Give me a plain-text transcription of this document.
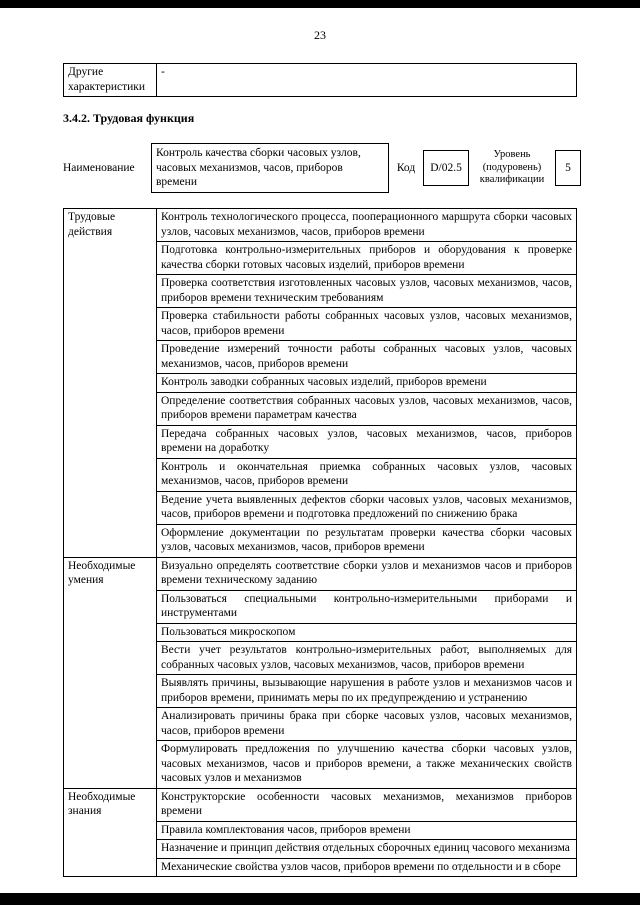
23
Другие характеристики	-
3.4.2. Трудовая функция
Наименование
Контроль качества сборки часовых узлов, часовых механизмов, часов, приборов времени
Код	D/02.5
Уровень (подуровень) квалификации
5
Трудовые действия	Контроль технологического процесса, пооперационного маршрута сборки часовых узлов, часовых механизмов, часов, приборов времени
	Подготовка контрольно-измерительных приборов и оборудования к проверке качества сборки готовых часовых изделий, приборов времени
	Проверка соответствия изготовленных часовых узлов, часовых механизмов, часов, приборов времени техническим требованиям
	Проверка стабильности работы собранных часовых узлов, часовых механизмов, часов, приборов времени
	Проведение измерений точности работы собранных часовых узлов, часовых механизмов, часов, приборов времени
	Контроль заводки собранных часовых изделий, приборов времени
	Определение соответствия собранных часовых узлов, часовых механизмов, часов, приборов времени параметрам качества
	Передача собранных часовых узлов, часовых механизмов, часов, приборов времени на доработку
	Контроль и окончательная приемка собранных часовых узлов, часовых механизмов, часов, приборов времени
	Ведение учета выявленных дефектов сборки часовых узлов, часовых механизмов, часов, приборов времени и подготовка предложений по снижению брака
	Оформление документации по результатам проверки качества сборки часовых узлов, часовых механизмов, часов, приборов времени
Необходимые умения	Визуально определять соответствие сборки узлов и механизмов часов и приборов времени техническому заданию
	Пользоваться специальными контрольно-измерительными приборами и инструментами
	Пользоваться микроскопом
	Вести учет результатов контрольно-измерительных работ, выполняемых для собранных часовых узлов, часовых механизмов, часов, приборов времени
	Выявлять причины, вызывающие нарушения в работе узлов и механизмов часов и приборов времени, принимать меры по их предупреждению и устранению
	Анализировать причины брака при сборке часовых узлов, часовых механизмов, часов, приборов времени
	Формулировать предложения по улучшению качества сборки часовых узлов, часовых механизмов, часов и приборов времени, а также механических свойств часовых узлов и механизмов
Необходимые знания	Конструкторские особенности часовых механизмов, механизмов приборов времени
	Правила комплектования часов, приборов времени
	Назначение и принцип действия отдельных сборочных единиц часового механизма
	Механические свойства узлов часов, приборов времени по отдельности и в сборе
